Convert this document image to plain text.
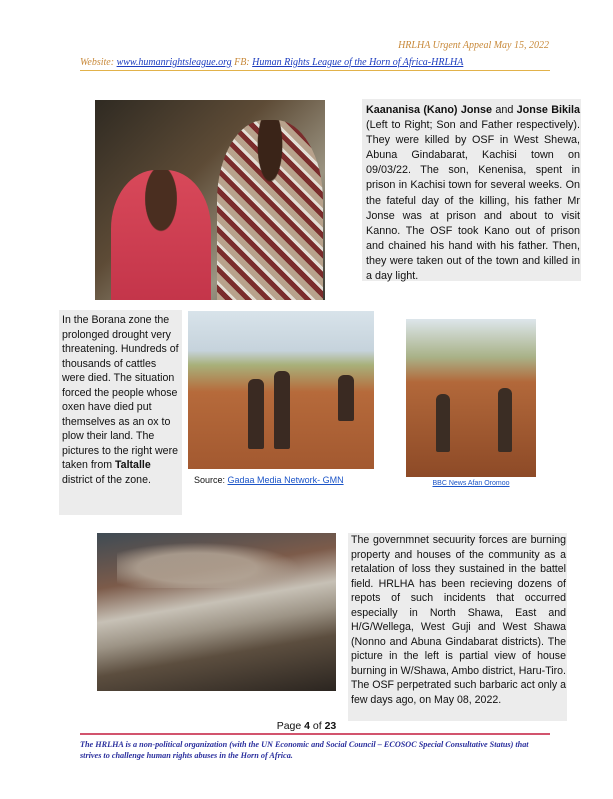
HRLHA Urgent Appeal May 15, 2022
Website: www.humanrightsleague.org FB: Human Rights League of the Horn of Africa-HRLHA

Kaananisa (Kano) Jonse and Jonse Bikila (Left to Right; Son and Father respectively). They were killed by OSF in West Shewa, Abuna Gindabarat, Kachisi town on 09/03/22. The son, Kenenisa, spent in prison in Kachisi town for several weeks. On the fateful day of the killing, his father Mr Jonse was at prison and about to visit Kanno. The OSF took Kano out of prison and chained his hand with his father. Then, they were taken out of the town and killed in a day light.

In the Borana zone the prolonged drought very threatening. Hundreds of thousands of cattles were died. The situation forced the people whose oxen have died put themselves as an ox to plow their land. The pictures to the right were taken from Taltalle district of the zone.	Source: Gadaa Media Network- GMN	BBC News Afan Oromoo

The governmnet secuurity forces are burning property and houses of the community as a retalation of loss they sustained in the battel field. HRLHA has been recieving dozens of repots of such incidents that occurred especially in North Shawa, East and H/G/Wellega, West Guji and West Shawa (Nonno and Abuna Gindabarat districts). The picture in the left is partial view of house burning in W/Shawa, Ambo district, Haru-Tiro. The OSF perpetrated such barbaric act only a few days ago, on May 08, 2022.

Page 4 of 23
The HRLHA is a non-political organization (with the UN Economic and Social Council – ECOSOC Special Consultative Status) that strives to challenge human rights abuses in the Horn of Africa.
